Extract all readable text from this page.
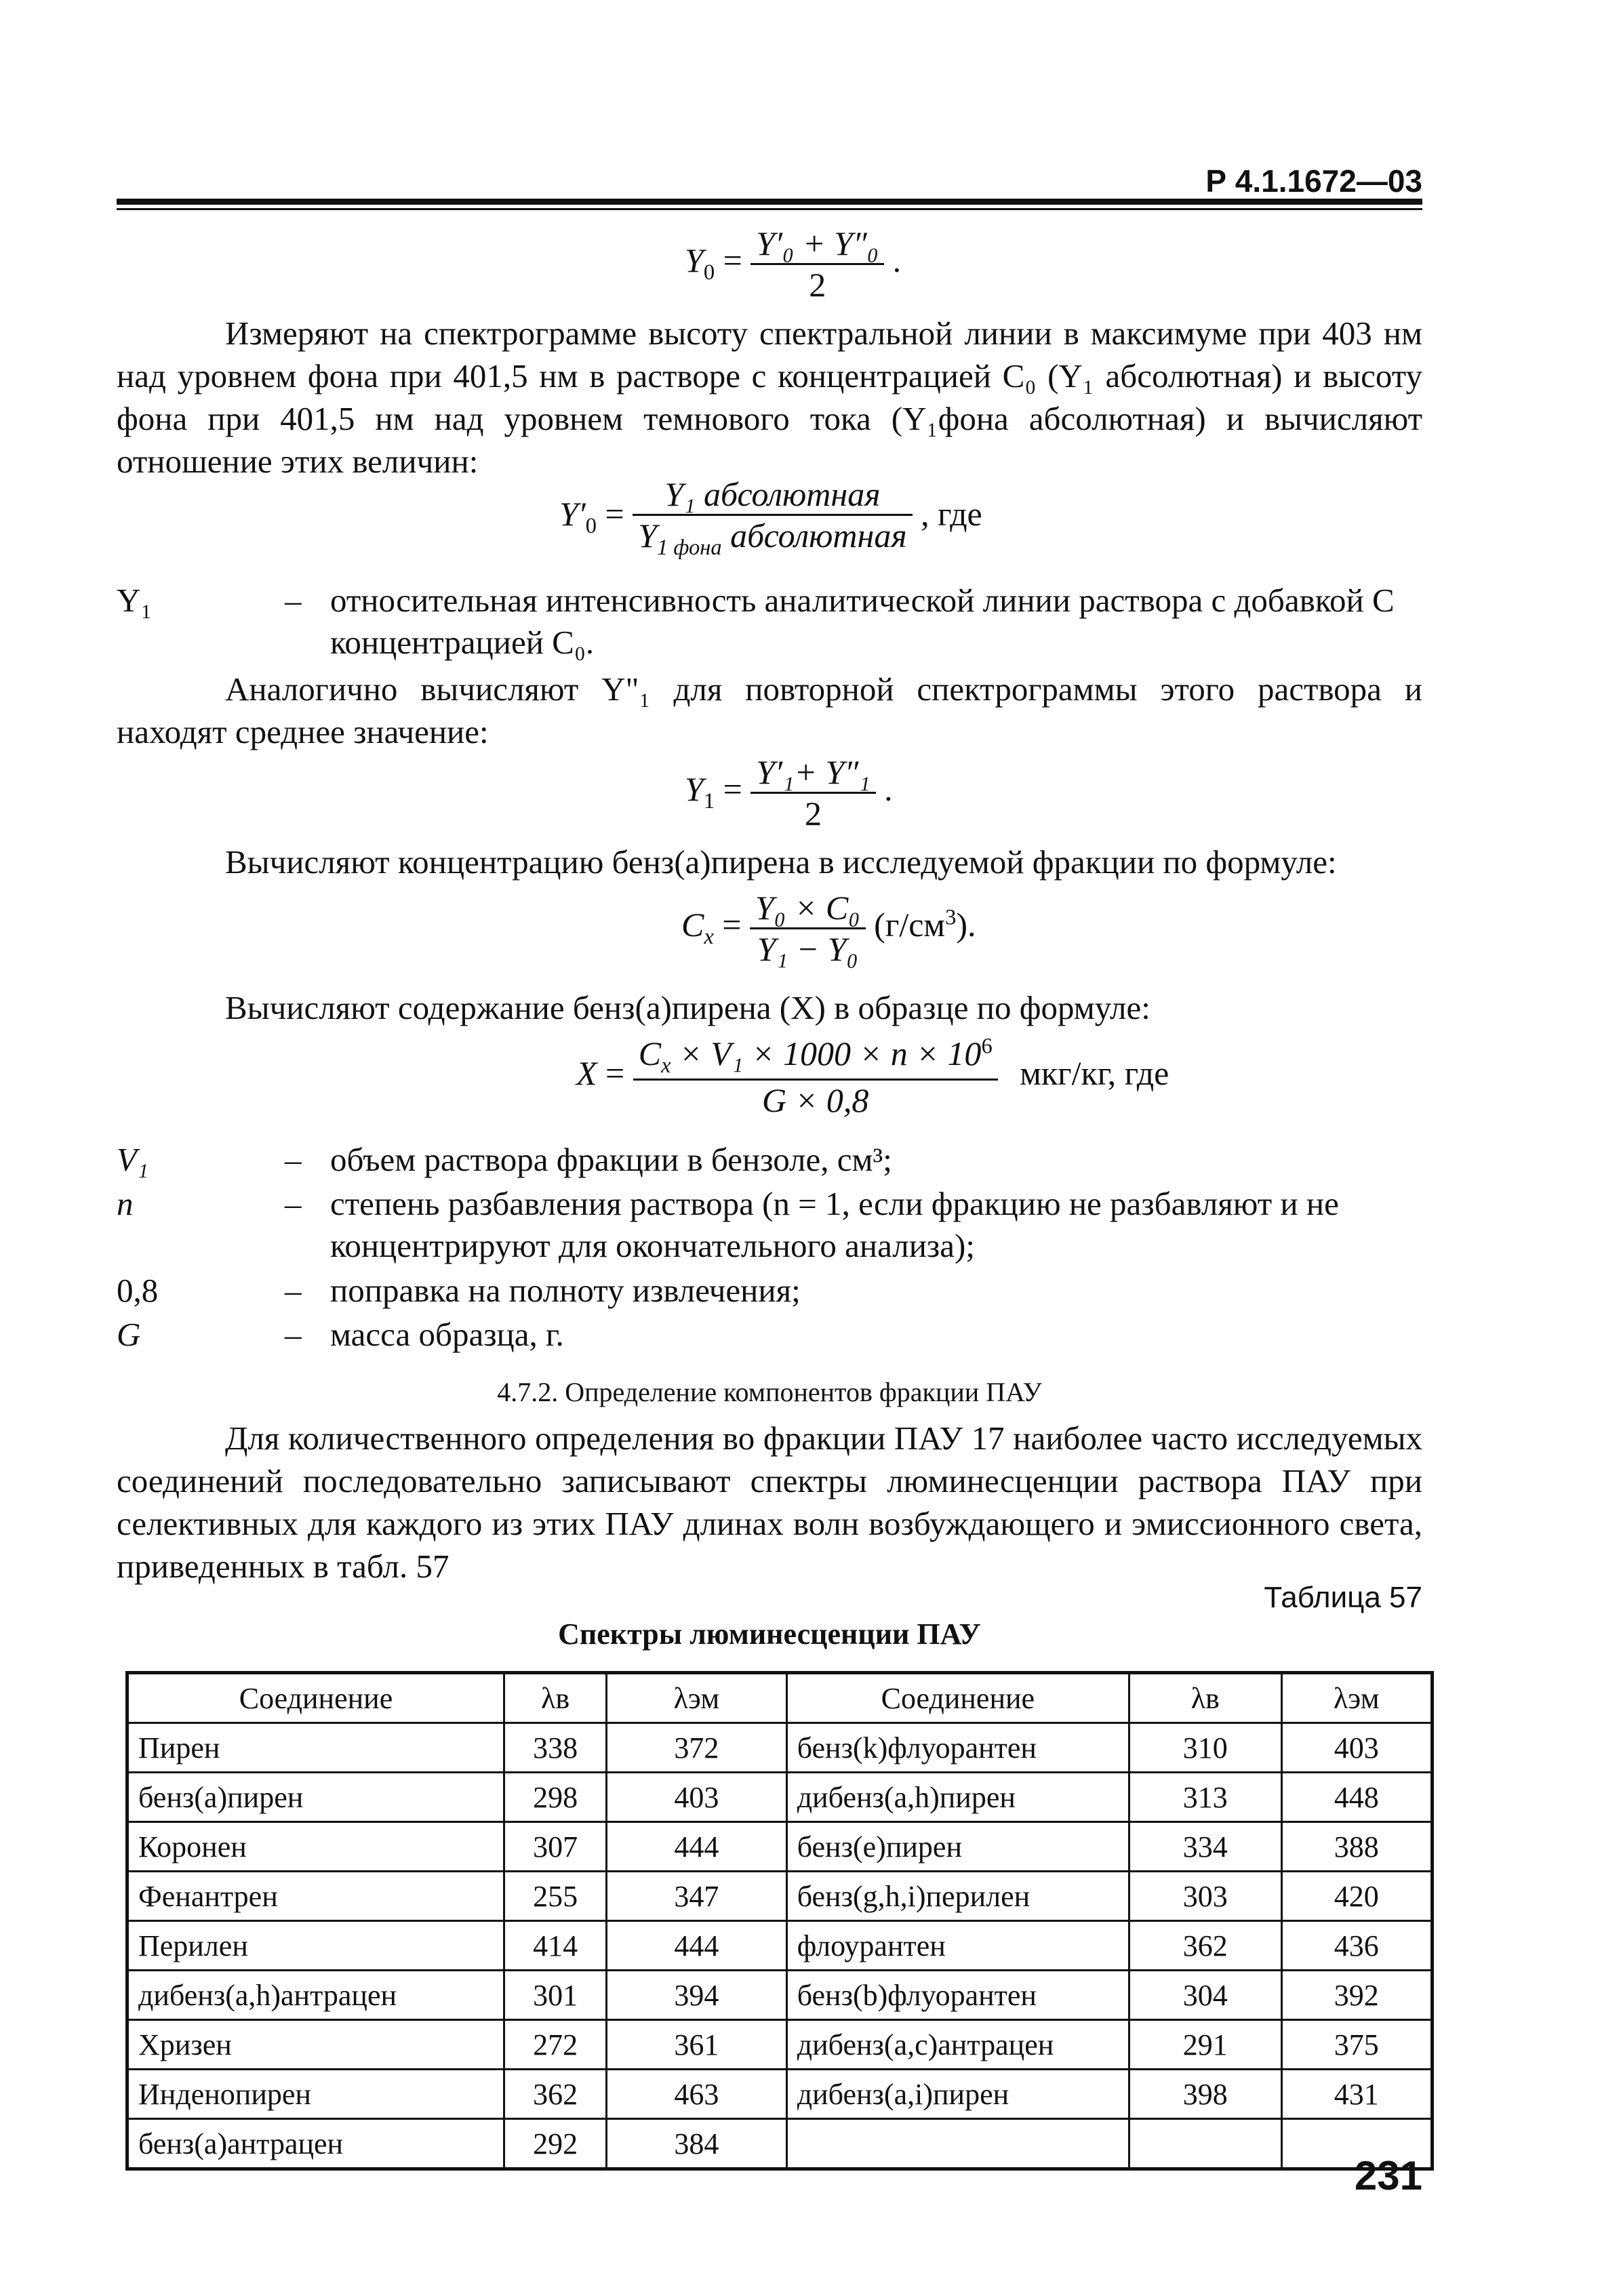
Р 4.1.1672—03
$Y_0 = \frac{\text{Y′₀ + Y″₀}}{2}$ .
Измеряют на спектрограмме высоту спектральной линии в максимуме при 403 нм над уровнем фона при 401,5 нм в растворе с концентрацией C₀ (Y₁ абсолютная) и высоту фона при 401,5 нм над уровнем темнового тока (Y₁фона абсолютная) и вычисляют отношение этих величин:
$Y'_0 = \frac{\text{Y₁ абсолютная}}{Y_{1 фона} абсолютная}$ , где
Y₁	– относительная интенсивность аналитической линии раствора с добавкой С концентрацией C₀.
Аналогично вычисляют Y"₁ для повторной спектрограммы этого раствора и находят среднее значение:
$Y_1 = \frac{\text{Y′₁+ Y″₁}}{2}$ .
Вычисляют концентрацию бенз(а)пирена в исследуемой фракции по формуле:
$C_x = \frac{\text{Y₀ × C₀}}{\text{Y₁ − Y₀}} (г/см^3)$.
Вычисляют содержание бенз(а)пирена (X) в образце по формуле:
$X = \frac{C_x \times V_1 \times 1000 \times n \times 10^6}{G \times 0,8} мкг/кг$, где
V₁	– объем раствора фракции в бензоле, см³;
n	– степень разбавления раствора (n = 1, если фракцию не разбавляют и не концентрируют для окончательного анализа);
0,8	– поправка на полноту извлечения;
G	– масса образца, г.
4.7.2. Определение компонентов фракции ПАУ
Для количественного определения во фракции ПАУ 17 наиболее часто исследуемых соединений последовательно записывают спектры люминесценции раствора ПАУ при селективных для каждого из этих ПАУ длинах волн возбуждающего и эмиссионного света, приведенных в табл. 57
Таблица 57
Спектры люминесценции ПАУ
Соединение	λв	λэм	Соединение	λв	λэм
Пирен	338	372	бенз(k)флуорантен	310	403
бенз(а)пирен	298	403	дибенз(a,h)пирен	313	448
Коронен	307	444	бенз(е)пирен	334	388
Фенантрен	255	347	бенз(g,h,i)перилен	303	420
Перилен	414	444	флоурантен	362	436
дибенз(a,h)антрацен	301	394	бенз(b)флуорантен	304	392
Хризен	272	361	дибенз(а,с)антрацен	291	375
Инденопирен	362	463	дибенз(а,i)пирен	398	431
бенз(а)антрацен	292	384			
231
